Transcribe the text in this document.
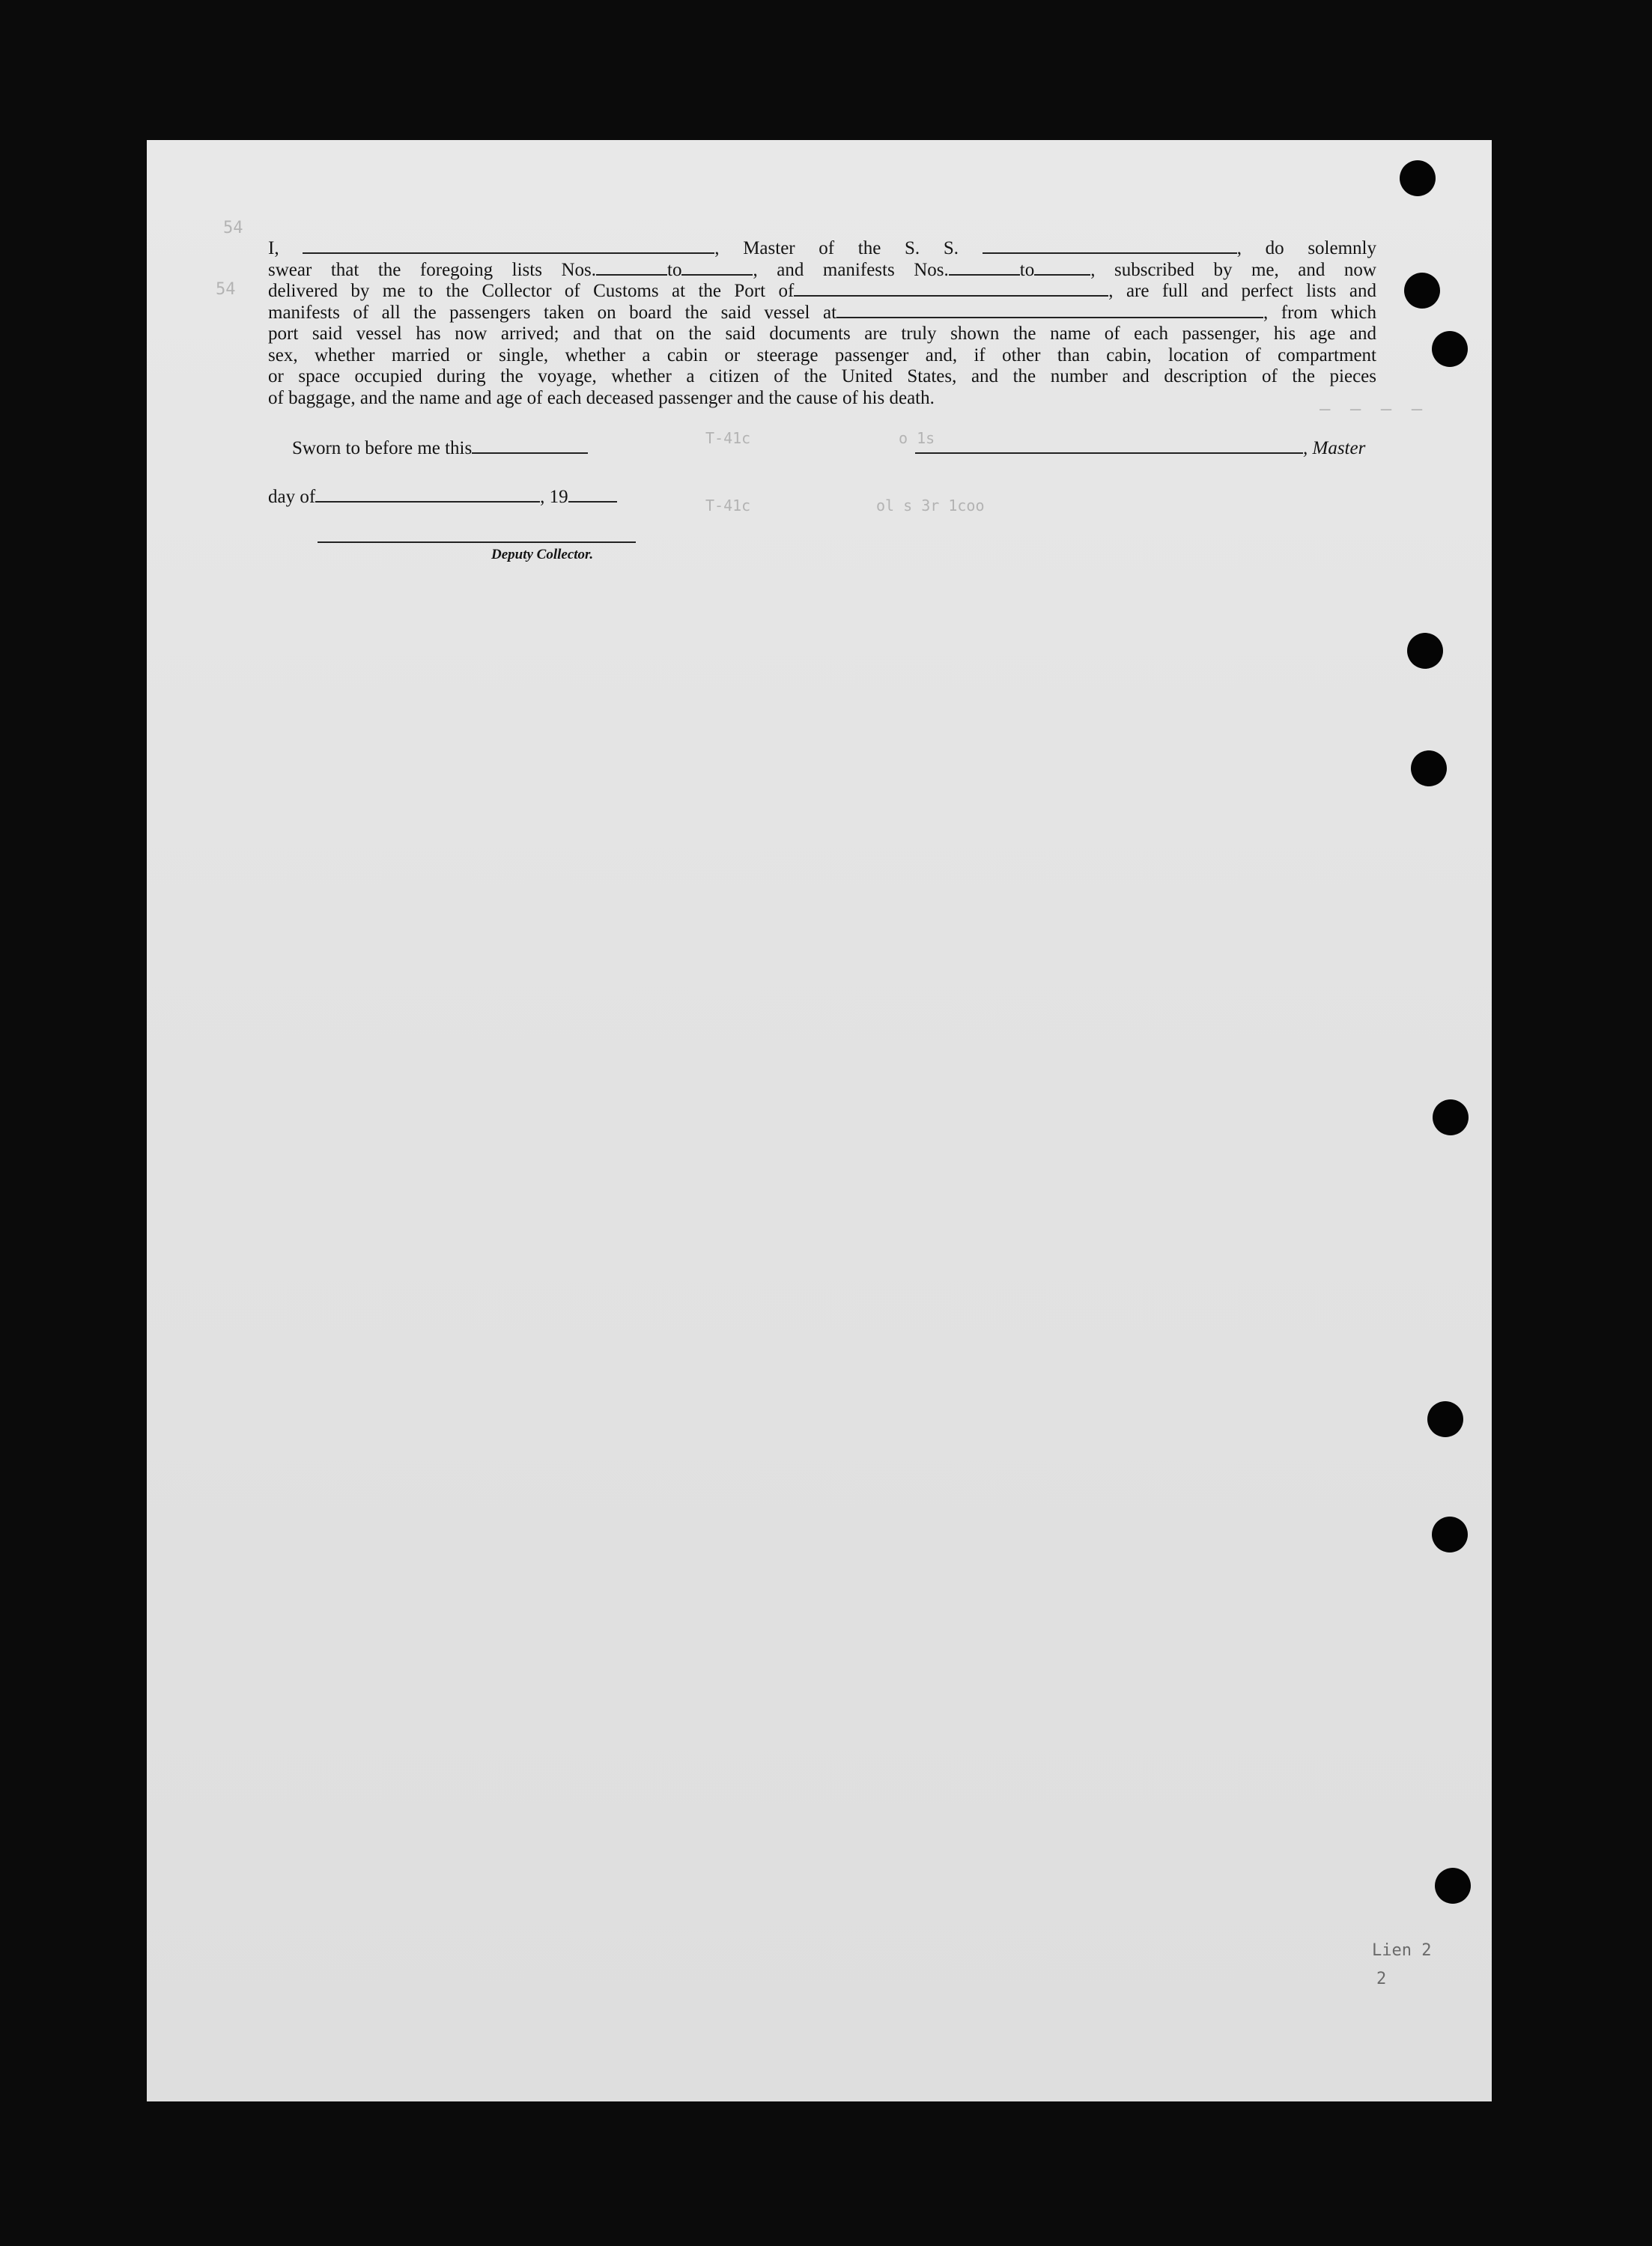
54
54
I,	, Master of the S. S.	, do solemnly
swear that the foregoing lists Nos.	to	, and manifests Nos.	to	, subscribed by me, and now
delivered by me to the Collector of Customs at the Port of	, are full and perfect lists and
manifests of all the passengers taken on board the said vessel at	, from which
port said vessel has now arrived; and that on the said documents are truly shown the name of each passenger, his age and
sex, whether married or single, whether a cabin or steerage passenger and, if other than cabin, location of compartment
or space occupied during the voyage, whether a citizen of the United States, and the number and description of the pieces
of baggage, and the name and age of each deceased passenger and the cause of his death.
– – – –
Sworn to before me this
day of	, 19
Deputy Collector.
, Master
T-41c	o 1s
T-41c	ol s 3r 1coo
Lien 2
2
